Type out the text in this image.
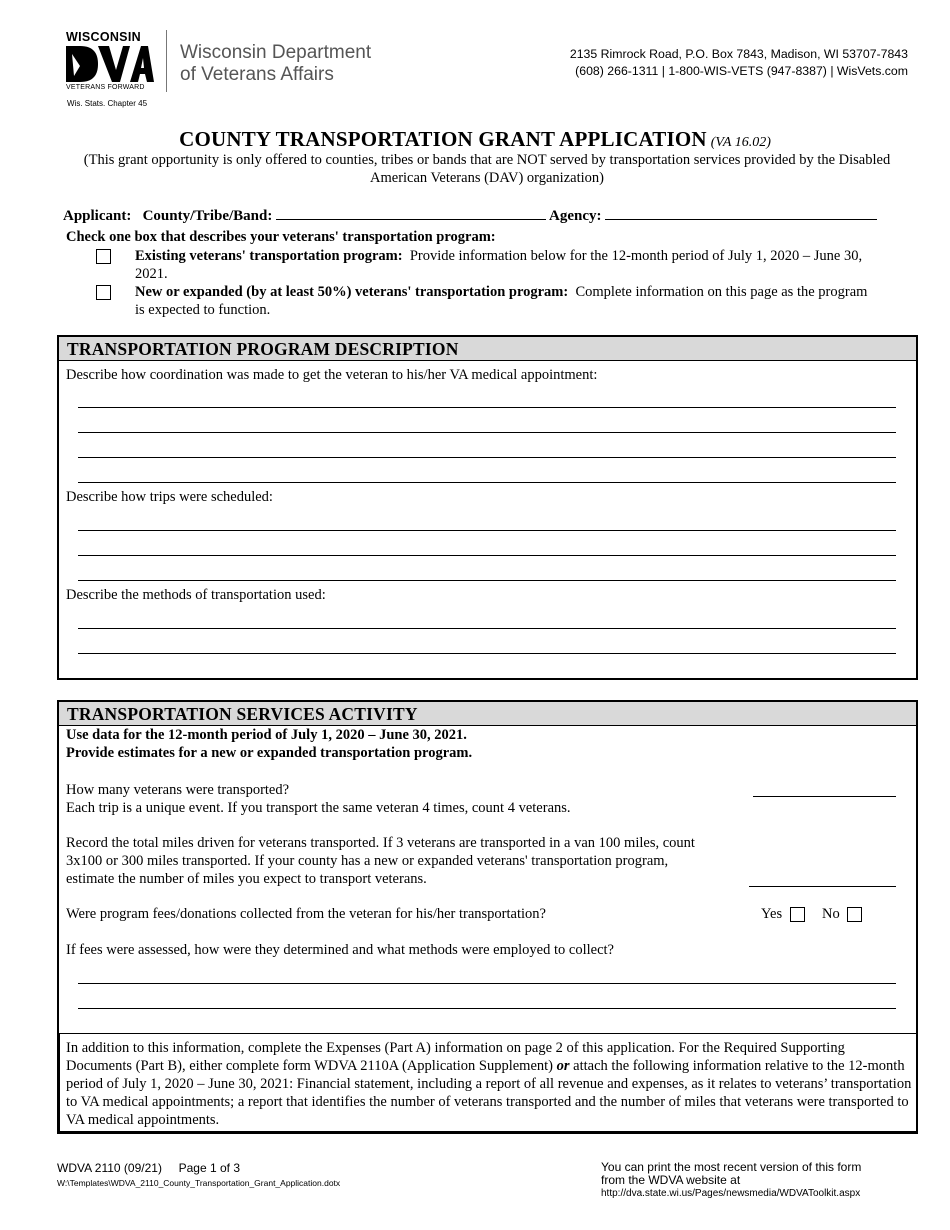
WISCONSIN
VETERANS FORWARD
Wis. Stats. Chapter 45
Wisconsin Department
of Veterans Affairs
2135 Rimrock Road, P.O. Box 7843, Madison, WI 53707-7843
(608) 266-1311 | 1-800-WIS-VETS (947-8387) | WisVets.com
COUNTY TRANSPORTATION GRANT APPLICATION (VA 16.02)
(This grant opportunity is only offered to counties, tribes or bands that are NOT served by transportation services provided by the Disabled American Veterans (DAV) organization)
Applicant: County/Tribe/Band:	Agency:
Check one box that describes your veterans' transportation program:
Existing veterans' transportation program: Provide information below for the 12-month period of July 1, 2020 – June 30, 2021.
New or expanded (by at least 50%) veterans' transportation program: Complete information on this page as the program is expected to function.
TRANSPORTATION PROGRAM DESCRIPTION
Describe how coordination was made to get the veteran to his/her VA medical appointment:
Describe how trips were scheduled:
Describe the methods of transportation used:
TRANSPORTATION SERVICES ACTIVITY
Use data for the 12-month period of July 1, 2020 – June 30, 2021.
Provide estimates for a new or expanded transportation program.
How many veterans were transported?
Each trip is a unique event. If you transport the same veteran 4 times, count 4 veterans.
Record the total miles driven for veterans transported. If 3 veterans are transported in a van 100 miles, count 3x100 or 300 miles transported. If your county has a new or expanded veterans' transportation program, estimate the number of miles you expect to transport veterans.
Were program fees/donations collected from the veteran for his/her transportation?	Yes	No
If fees were assessed, how were they determined and what methods were employed to collect?
In addition to this information, complete the Expenses (Part A) information on page 2 of this application. For the Required Supporting Documents (Part B), either complete form WDVA 2110A (Application Supplement) or attach the following information relative to the 12-month period of July 1, 2020 – June 30, 2021: Financial statement, including a report of all revenue and expenses, as it relates to veterans’ transportation to VA medical appointments; a report that identifies the number of veterans transported and the number of miles that veterans were transported to VA medical appointments.
WDVA 2110 (09/21) Page 1 of 3
W:\Templates\WDVA_2110_County_Transportation_Grant_Application.dotx
You can print the most recent version of this form
from the WDVA website at
http://dva.state.wi.us/Pages/newsmedia/WDVAToolkit.aspx
